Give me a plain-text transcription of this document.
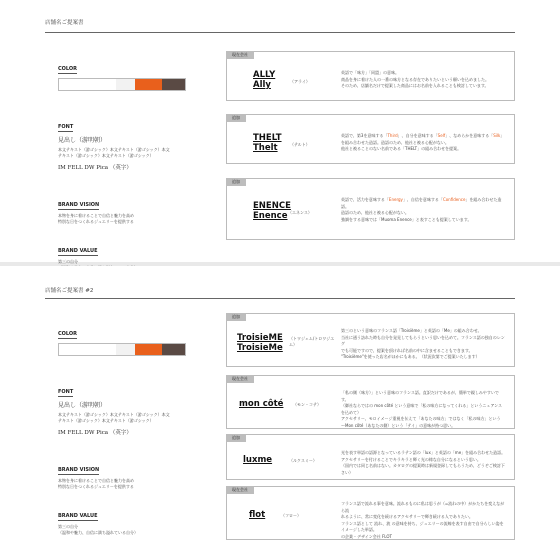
店舗名ご提案書
COLOR
FONT
見出し（游明朝）
本文テキスト（游ゴシック）本文テキスト（游ゴシック）本文
テキスト（游ゴシック）本文テキスト（游ゴシック）
IM FELL DW Pica （英字）
BRAND VISION
本物を身に着けることで自信と魅力を高め
特別な日をつくれるジュエリーを提供する
BRAND VALUE
第三の自分
現在会社
ALLY
Ally	（アライ）
英語で「味方」「同盟」の意味。
商品を身に着けた人の一番の味方となる存在でありたいという願いを込めました。
そのため、店舗名だけで提案した商品にはお名前を入れることも検討しています。
追加
THELT
Thelt	（テルト）
英語で、第3を意味する「Third」、自分を意味する「Self」、なめらかを意味する「Silk」
を組み合わせた造語。造語のため、他社と被る心配がない。
他社と被ることのない名前である「THELT」の組み合わせを提案。
追加
ENENCE
Enence （エネンス）
英語で、活力を意味する「Energy」、自信を意味する「Confidence」を組み合わせた造語。
造語のため、他社と被る心配がない。
強調をする意味では「Muoma Enence」と表すことも提案しています。
店舗名ご提案書 #2
COLOR
FONT
見出し（游明朝）
本文テキスト（游ゴシック）本文テキスト（游ゴシック）本文
テキスト（游ゴシック）本文テキスト（游ゴシック）
IM FELL DW Pica （英字）
BRAND VISION
本物を身に着けることで自信と魅力を高め
特別な日をつくれるジュエリーを提供する
BRAND VALUE
第三の自分
（温和や魅力、自信に満ち溢れている自分）
追加
TroisieME
TroisieMe
（トワジェム/トロワジエム）
第三のという意味のフランス語「Troisième」と英語の「Me」の組み合わせ。
当社に通う訪れた時も自分を発見してもらうという思いを込めて。フランス語の独自のレング
でも可能ですので、提案を頂ければ名前の中に含ませることもできます。
"Troisième"を使った店名がほかにもある。（状況次第でご提案いたします）
現在会社
mon côté （モン・コテ）
「私の側（味方）」という意味のフランス語。直訳だけであるが、簡単で親しみやすいです。
（御社ならではの mon côté という意味で「私の味方になってくれる」というニュアンスを込めて）
アクセサリー、モロイメージ重視を伝えて「あなたの味方」ではなく「私の味方」という
〜Mon côté（あなたの側）という「テイ」の意味が持つ思い。
追加
luxme	（ルクスミー）
光を表す単語の語源となっているラテン語の「lux」と英語の「me」を組み合わせた造語。
アクセサリーを付けることでキラキラと輝く光の様な自分になるという思い。
（国内では同じ名前はない。カタログの提案時は新規登録してもらうため、どうぞご検討下さい）
現在会社
flot	（フロー）
フランス語で流れる事を意味。流れるものに私は思うが（=流れの中）がかたちを変えながら流
れるように、常に変化を続けるアクセサリーで輝き続ける人でありたい。
フランス語として 流れ、波 の意味を持ち、ジュエリーの流線を表す自由で自分らしい姿をイメージした単語。
の企業・デザイン会社 FLOT
